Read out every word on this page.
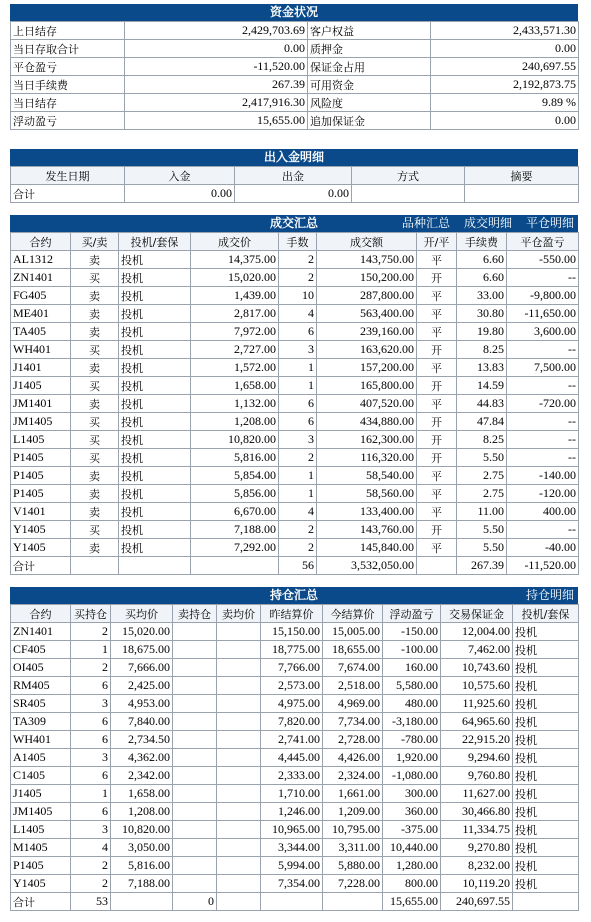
资金状况
上日结存	2,429,703.69	客户权益	2,433,571.30
当日存取合计	0.00	质押金	0.00
平仓盈亏	-11,520.00	保证金占用	240,697.55
当日手续费	267.39	可用资金	2,192,873.75
当日结存	2,417,916.30	风险度	9.89 %
浮动盈亏	15,655.00	追加保证金	0.00
出入金明细
发生日期	入金	出金	方式	摘要
合计	0.00	0.00		
成交汇总	品种汇总 成交明细 平仓明细
合约	买/卖	投机/套保	成交价	手数	成交额	开/平	手续费	平仓盈亏
AL1312	卖	投机	14,375.00	2	143,750.00	平	6.60	-550.00
ZN1401	买	投机	15,020.00	2	150,200.00	开	6.60	--
FG405	卖	投机	1,439.00	10	287,800.00	平	33.00	-9,800.00
ME401	卖	投机	2,817.00	4	563,400.00	平	30.80	-11,650.00
TA405	卖	投机	7,972.00	6	239,160.00	平	19.80	3,600.00
WH401	买	投机	2,727.00	3	163,620.00	开	8.25	--
J1401	卖	投机	1,572.00	1	157,200.00	平	13.83	7,500.00
J1405	买	投机	1,658.00	1	165,800.00	开	14.59	--
JM1401	卖	投机	1,132.00	6	407,520.00	平	44.83	-720.00
JM1405	买	投机	1,208.00	6	434,880.00	开	47.84	--
L1405	买	投机	10,820.00	3	162,300.00	开	8.25	--
P1405	买	投机	5,816.00	2	116,320.00	开	5.50	--
P1405	卖	投机	5,854.00	1	58,540.00	平	2.75	-140.00
P1405	卖	投机	5,856.00	1	58,560.00	平	2.75	-120.00
V1401	卖	投机	6,670.00	4	133,400.00	平	11.00	400.00
Y1405	买	投机	7,188.00	2	143,760.00	开	5.50	--
Y1405	卖	投机	7,292.00	2	145,840.00	平	5.50	-40.00
合计				56	3,532,050.00		267.39	-11,520.00
持仓汇总	持仓明细
合约	买持仓	买均价	卖持仓	卖均价	昨结算价	今结算价	浮动盈亏	交易保证金	投机/套保
ZN1401	2	15,020.00			15,150.00	15,005.00	-150.00	12,004.00	投机
CF405	1	18,675.00			18,775.00	18,655.00	-100.00	7,462.00	投机
OI405	2	7,666.00			7,766.00	7,674.00	160.00	10,743.60	投机
RM405	6	2,425.00			2,573.00	2,518.00	5,580.00	10,575.60	投机
SR405	3	4,953.00			4,975.00	4,969.00	480.00	11,925.60	投机
TA309	6	7,840.00			7,820.00	7,734.00	-3,180.00	64,965.60	投机
WH401	6	2,734.50			2,741.00	2,728.00	-780.00	22,915.20	投机
A1405	3	4,362.00			4,445.00	4,426.00	1,920.00	9,294.60	投机
C1405	6	2,342.00			2,333.00	2,324.00	-1,080.00	9,760.80	投机
J1405	1	1,658.00			1,710.00	1,661.00	300.00	11,627.00	投机
JM1405	6	1,208.00			1,246.00	1,209.00	360.00	30,466.80	投机
L1405	3	10,820.00			10,965.00	10,795.00	-375.00	11,334.75	投机
M1405	4	3,050.00			3,344.00	3,311.00	10,440.00	9,270.80	投机
P1405	2	5,816.00			5,994.00	5,880.00	1,280.00	8,232.00	投机
Y1405	2	7,188.00			7,354.00	7,228.00	800.00	10,119.20	投机
合计	53		0				15,655.00	240,697.55	
